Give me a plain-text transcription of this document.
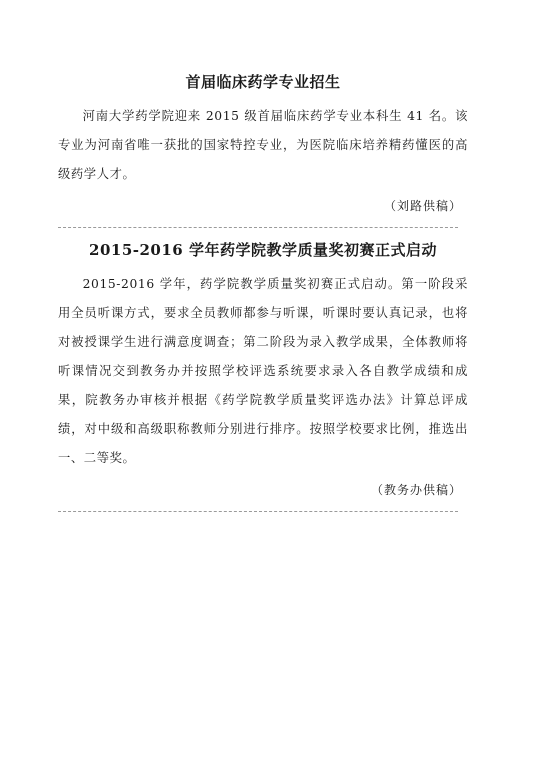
首届临床药学专业招生

河南大学药学院迎来 2015 级首届临床药学专业本科生 41 名。该专业为河南省唯一获批的国家特控专业，为医院临床培养精药懂医的高级药学人才。

（刘路供稿）
2015-2016 学年药学院教学质量奖初赛正式启动

2015-2016 学年，药学院教学质量奖初赛正式启动。第一阶段采用全员听课方式，要求全员教师都参与听课，听课时要认真记录，也将对被授课学生进行满意度调查；第二阶段为录入教学成果，全体教师将听课情况交到教务办并按照学校评选系统要求录入各自教学成绩和成果，院教务办审核并根据《药学院教学质量奖评选办法》计算总评成绩，对中级和高级职称教师分别进行排序。按照学校要求比例，推选出一、二等奖。

（教务办供稿）
